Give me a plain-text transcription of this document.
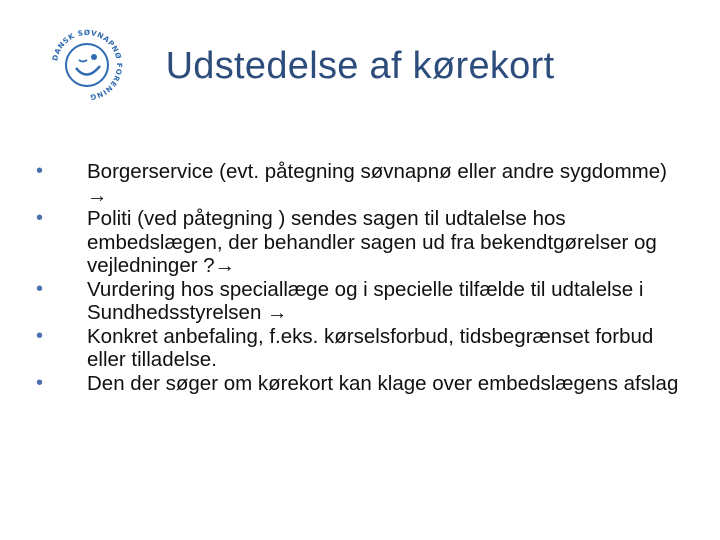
DANSK SØVNAPNØ FORENING
Udstedelse af kørekort
• Borgerservice (evt. påtegning søvnapnø eller andre sygdomme) →
• Politi (ved påtegning ) sendes sagen til udtalelse hos embedslægen, der behandler sagen ud fra bekendtgørelser og vejledninger ?→
• Vurdering hos speciallæge og i specielle tilfælde til udtalelse i Sundhedsstyrelsen →
• Konkret anbefaling, f.eks. kørselsforbud, tidsbegrænset forbud eller tilladelse.
• Den der søger om kørekort kan klage over embedslægens afslag
